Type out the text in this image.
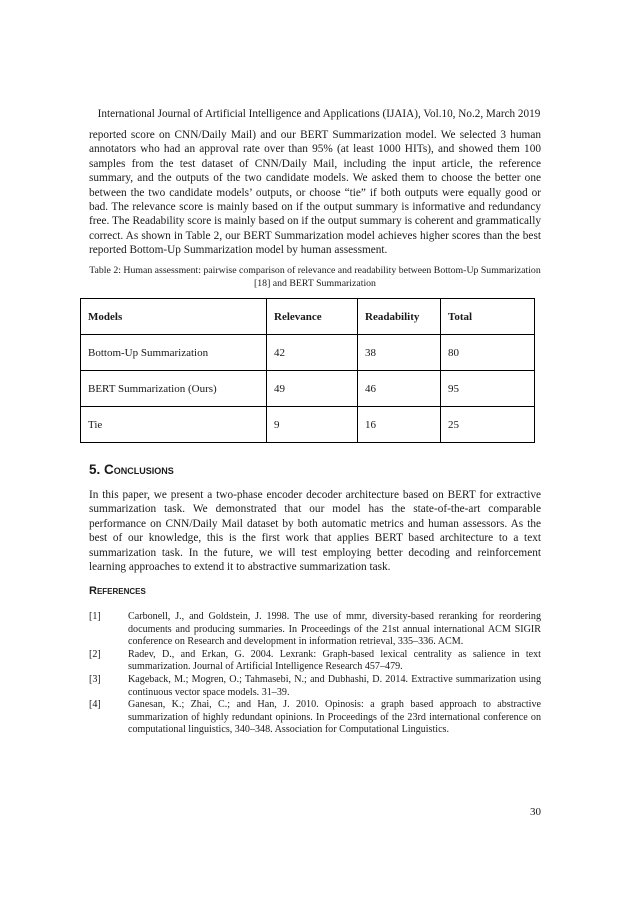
International Journal of Artificial Intelligence and Applications (IJAIA), Vol.10, No.2, March 2019

reported score on CNN/Daily Mail) and our BERT Summarization model. We selected 3 human annotators who had an approval rate over than 95% (at least 1000 HITs), and showed them 100 samples from the test dataset of CNN/Daily Mail, including the input article, the reference summary, and the outputs of the two candidate models. We asked them to choose the better one between the two candidate models’ outputs, or choose “tie” if both outputs were equally good or bad. The relevance score is mainly based on if the output summary is informative and redundancy free. The Readability score is mainly based on if the output summary is coherent and grammatically correct. As shown in Table 2, our BERT Summarization model achieves higher scores than the best reported Bottom-Up Summarization model by human assessment.

Table 2: Human assessment: pairwise comparison of relevance and readability between Bottom-Up Summarization [18] and BERT Summarization
Models	Relevance	Readability	Total
Bottom-Up Summarization	42	38	80
BERT Summarization (Ours)	49	46	95
Tie	9	16	25
5. Conclusions

In this paper, we present a two-phase encoder decoder architecture based on BERT for extractive summarization task. We demonstrated that our model has the state-of-the-art comparable performance on CNN/Daily Mail dataset by both automatic metrics and human assessors. As the best of our knowledge, this is the first work that applies BERT based architecture to a text summarization task. In the future, we will test employing better decoding and reinforcement learning approaches to extend it to abstractive summarization task.

References
[1]	Carbonell, J., and Goldstein, J. 1998. The use of mmr, diversity-based reranking for reordering documents and producing summaries. In Proceedings of the 21st annual international ACM SIGIR conference on Research and development in information retrieval, 335–336. ACM.
[2]	Radev, D., and Erkan, G. 2004. Lexrank: Graph-based lexical centrality as salience in text summarization. Journal of Artificial Intelligence Research 457–479.
[3]	Kageback, M.; Mogren, O.; Tahmasebi, N.; and Dubhashi, D. 2014. Extractive summarization using continuous vector space models. 31–39.
[4]	Ganesan, K.; Zhai, C.; and Han, J. 2010. Opinosis: a graph based approach to abstractive summarization of highly redundant opinions. In Proceedings of the 23rd international conference on computational linguistics, 340–348. Association for Computational Linguistics.
30
